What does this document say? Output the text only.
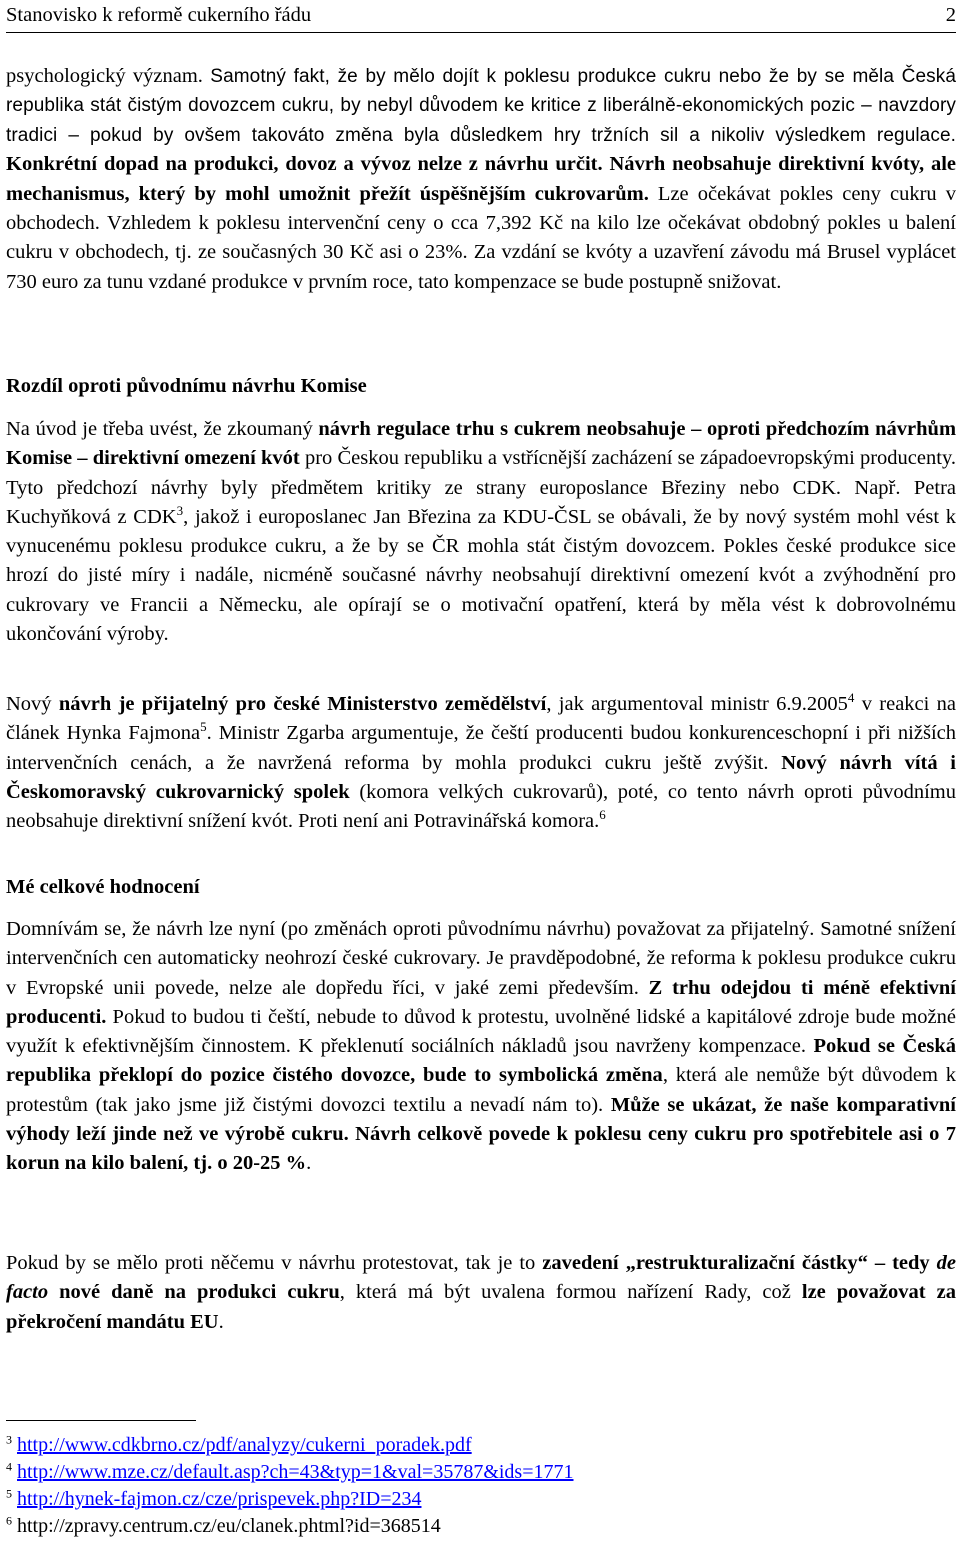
Stanovisko k reformě cukerního řádu	2
psychologický význam. Samotný fakt, že by mělo dojít k poklesu produkce cukru nebo že by se měla Česká republika stát čistým dovozcem cukru, by nebyl důvodem ke kritice z liberálně-ekonomických pozic – navzdory tradici – pokud by ovšem takováto změna byla důsledkem hry tržních sil a nikoliv výsledkem regulace. Konkrétní dopad na produkci, dovoz a vývoz nelze z návrhu určit. Návrh neobsahuje direktivní kvóty, ale mechanismus, který by mohl umožnit přežít úspěšnějším cukrovarům. Lze očekávat pokles ceny cukru v obchodech. Vzhledem k poklesu intervenční ceny o cca 7,392 Kč na kilo lze očekávat obdobný pokles u balení cukru v obchodech, tj. ze současných 30 Kč asi o 23%. Za vzdání se kvóty a uzavření závodu má Brusel vyplácet 730 euro za tunu vzdané produkce v prvním roce, tato kompenzace se bude postupně snižovat.
Rozdíl oproti původnímu návrhu Komise
Na úvod je třeba uvést, že zkoumaný návrh regulace trhu s cukrem neobsahuje – oproti předchozím návrhům Komise – direktivní omezení kvót pro Českou republiku a vstřícnější zacházení se západoevropskými producenty. Tyto předchozí návrhy byly předmětem kritiky ze strany europoslance Březiny nebo CDK. Např. Petra Kuchyňková z CDK$^3$, jakož i europoslanec Jan Březina za KDU-ČSL se obávali, že by nový systém mohl vést k vynucenému poklesu produkce cukru, a že by se ČR mohla stát čistým dovozcem. Pokles české produkce sice hrozí do jisté míry i nadále, nicméně současné návrhy neobsahují direktivní omezení kvót a zvýhodnění pro cukrovary ve Francii a Německu, ale opírají se o motivační opatření, která by měla vést k dobrovolnému ukončování výroby.
Nový návrh je přijatelný pro české Ministerstvo zemědělství, jak argumentoval ministr 6.9.2005$^4$ v reakci na článek Hynka Fajmona$^5$. Ministr Zgarba argumentuje, že čeští producenti budou konkurenceschopní i při nižších intervenčních cenách, a že navržená reforma by mohla produkci cukru ještě zvýšit. Nový návrh vítá i Českomoravský cukrovarnický spolek (komora velkých cukrovarů), poté, co tento návrh oproti původnímu neobsahuje direktivní snížení kvót. Proti není ani Potravinářská komora.$^6$
Mé celkové hodnocení
Domnívám se, že návrh lze nyní (po změnách oproti původnímu návrhu) považovat za přijatelný. Samotné snížení intervenčních cen automaticky neohrozí české cukrovary. Je pravděpodobné, že reforma k poklesu produkce cukru v Evropské unii povede, nelze ale dopředu říci, v jaké zemi především. Z trhu odejdou ti méně efektivní producenti. Pokud to budou ti čeští, nebude to důvod k protestu, uvolněné lidské a kapitálové zdroje bude možné využít k efektivnějším činnostem. K překlenutí sociálních nákladů jsou navrženy kompenzace. Pokud se Česká republika překlopí do pozice čistého dovozce, bude to symbolická změna, která ale nemůže být důvodem k protestům (tak jako jsme již čistými dovozci textilu a nevadí nám to). Může se ukázat, že naše komparativní výhody leží jinde než ve výrobě cukru. Návrh celkově povede k poklesu ceny cukru pro spotřebitele asi o 7 korun na kilo balení, tj. o 20-25 %.
Pokud by se mělo proti něčemu v návrhu protestovat, tak je to zavedení „restrukturalizační částky“ – tedy de facto nové daně na produkci cukru, která má být uvalena formou nařízení Rady, což lze považovat za překročení mandátu EU.
$^3$ http://www.cdkbrno.cz/pdf/analyzy/cukerni_poradek.pdf
$^4$ http://www.mze.cz/default.asp?ch=43&typ=1&val=35787&ids=1771
$^5$ http://hynek-fajmon.cz/cze/prispevek.php?ID=234
$^6$ http://zpravy.centrum.cz/eu/clanek.phtml?id=368514
